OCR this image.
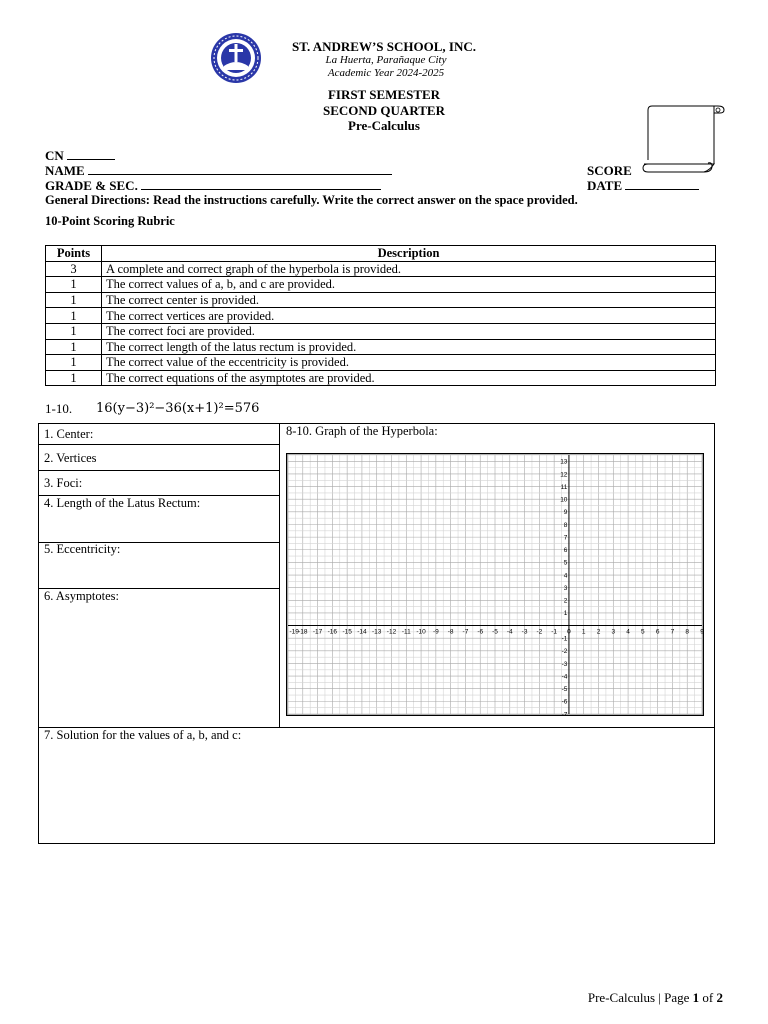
ST. ANDREW’S SCHOOL, INC.
La Huerta, Parañaque City
Academic Year 2024-2025
FIRST SEMESTER
SECOND QUARTER
Pre-Calculus
CN
NAME
GRADE & SEC.
SCORE
DATE
General Directions: Read the instructions carefully. Write the correct answer on the space provided.
10-Point Scoring Rubric
Points	Description
3	A complete and correct graph of the hyperbola is provided.
1	The correct values of a, b, and c are provided.
1	The correct center is provided.
1	The correct vertices are provided.
1	The correct foci are provided.
1	The correct length of the latus rectum is provided.
1	The correct value of the eccentricity is provided.
1	The correct equations of the asymptotes are provided.
1-10. 16(y−3)²−36(x+1)²=576
1. Center:
2. Vertices
3. Foci:
4. Length of the Latus Rectum:
5. Eccentricity:
6. Asymptotes:
7. Solution for the values of a, b, and c:
8-10. Graph of the Hyperbola:
-19 -18 -17 -16 -15 -14 -13 -12 -11 -10 -9 -8 -7 -6 -5 -4 -3 -2 -1 0 1 2 3 4 5 6 7 8 9
13
12
11
10
9
8
7
6
5
4
3
2
1
-1
-2
-3
-4
-5
-6
-7
Pre-Calculus | Page 1 of 2
